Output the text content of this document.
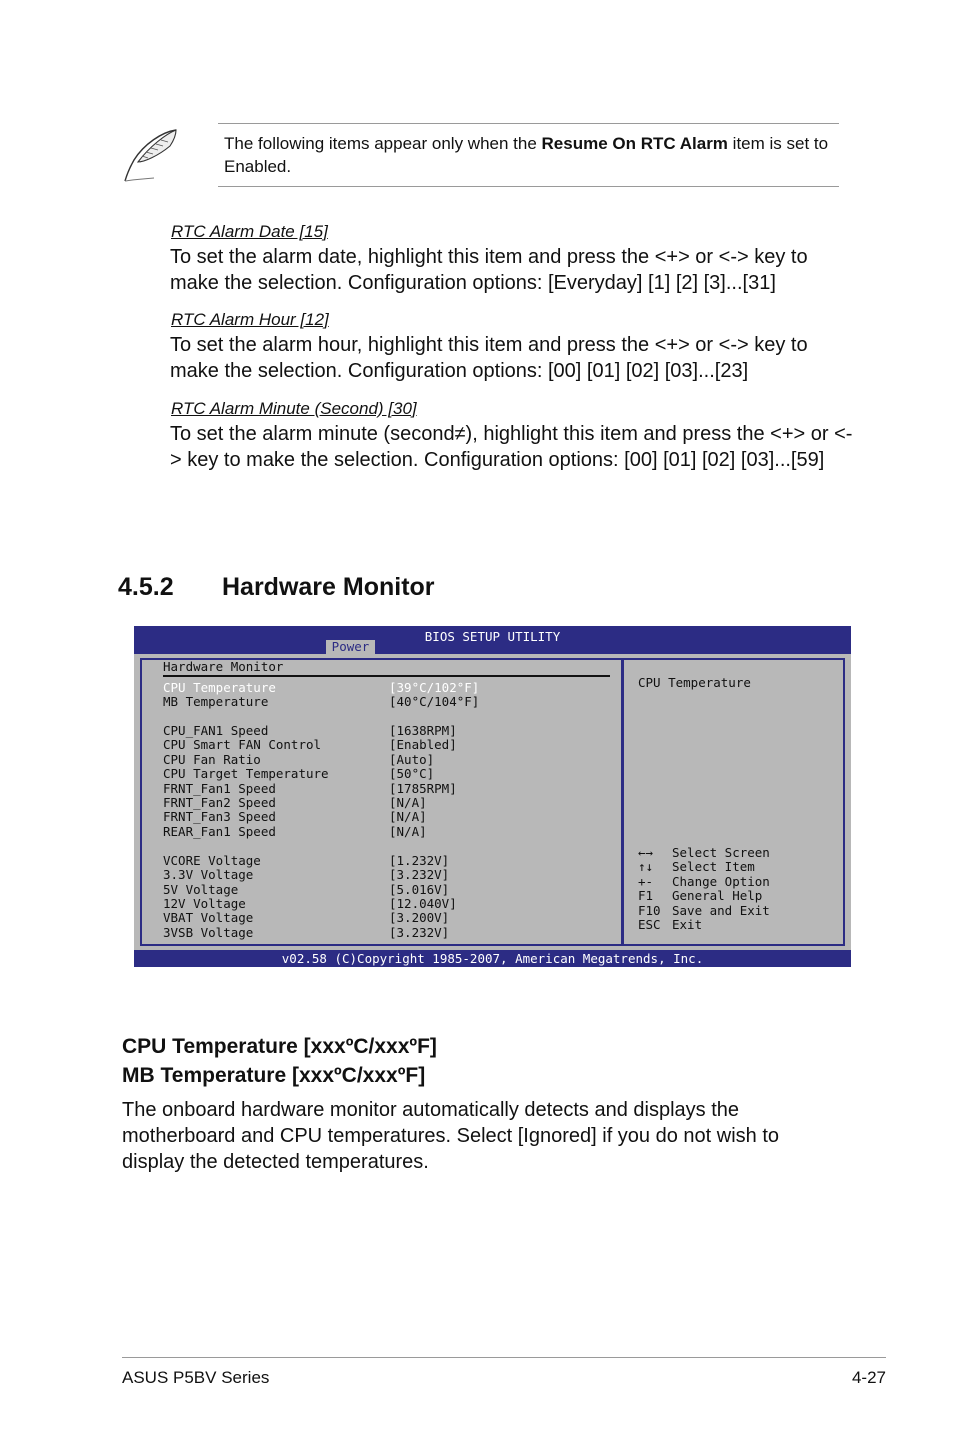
The following items appear only when the Resume On RTC Alarm item is set to Enabled.
RTC Alarm Date [15]
To set the alarm date, highlight this item and press the <+> or <-> key to make the selection. Configuration options: [Everyday] [1] [2] [3]...[31]
RTC Alarm Hour [12]
To set the alarm hour, highlight this item and press the <+> or <-> key to make the selection. Configuration options: [00] [01] [02] [03]...[23]
RTC Alarm Minute (Second) [30]
To set the alarm minute (second≠), highlight this item and press the <+> or <-> key to make the selection. Configuration options: [00] [01] [02] [03]...[59]
4.5.2 Hardware Monitor
BIOS SETUP UTILITY
Power
Hardware Monitor
CPU Temperature	[39°C/102°F]
MB Temperature	[40°C/104°F]
CPU_FAN1 Speed	[1638RPM]
CPU Smart FAN Control	[Enabled]
CPU Fan Ratio	[Auto]
CPU Target Temperature	[50°C]
FRNT_Fan1 Speed	[1785RPM]
FRNT_Fan2 Speed	[N/A]
FRNT_Fan3 Speed	[N/A]
REAR_Fan1 Speed	[N/A]
VCORE Voltage	[1.232V]
3.3V Voltage	[3.232V]
5V Voltage	[5.016V]
12V Voltage	[12.040V]
VBAT Voltage	[3.200V]
3VSB Voltage	[3.232V]
CPU Temperature
←→ Select Screen
↑↓ Select Item
+- Change Option
F1 General Help
F10 Save and Exit
ESC Exit
v02.58 (C)Copyright 1985-2007, American Megatrends, Inc.
CPU Temperature [xxxºC/xxxºF]
MB Temperature [xxxºC/xxxºF]
The onboard hardware monitor automatically detects and displays the motherboard and CPU temperatures. Select [Ignored] if you do not wish to display the detected temperatures.
ASUS P5BV Series	4-27
